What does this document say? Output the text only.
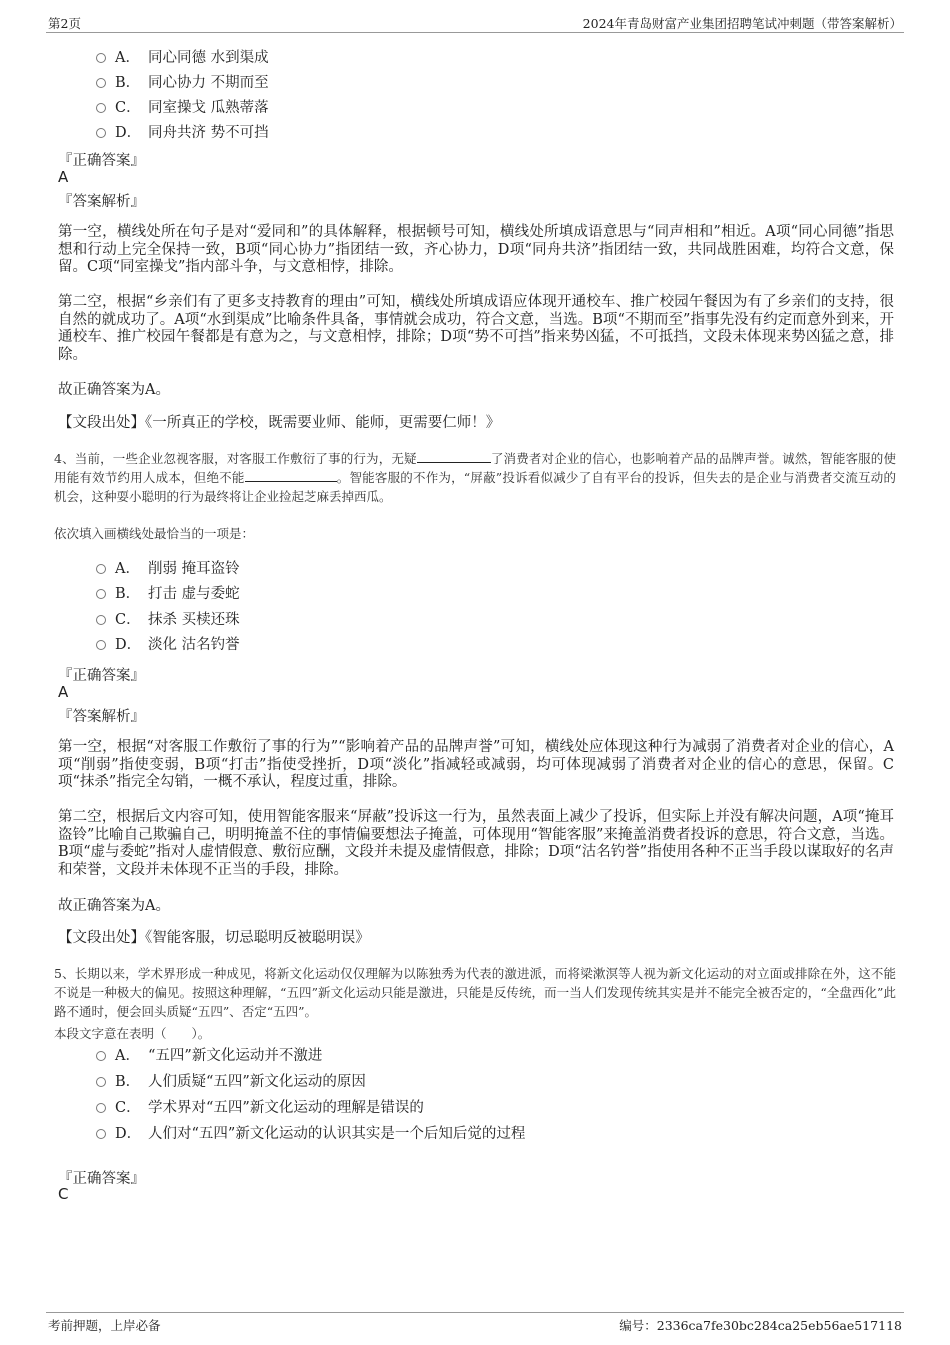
第2页	2024年青岛财富产业集团招聘笔试冲刺题（带答案解析）
A． 同心同德 水到渠成
B． 同心协力 不期而至
C． 同室操戈 瓜熟蒂落
D． 同舟共济 势不可挡
『正确答案』
A
『答案解析』
第一空，横线处所在句子是对“爱同和”的具体解释，根据顿号可知，横线处所填成语意思与“同声相和”相近。A项“同心同德”指思想和行动上完全保持一致，B项“同心协力”指团结一致，齐心协力，D项“同舟共济”指团结一致，共同战胜困难，均符合文意，保留。C项“同室操戈”指内部斗争，与文意相悖，排除。
第二空，根据“乡亲们有了更多支持教育的理由”可知，横线处所填成语应体现开通校车、推广校园午餐因为有了乡亲们的支持，很自然的就成功了。A项“水到渠成”比喻条件具备，事情就会成功，符合文意，当选。B项“不期而至”指事先没有约定而意外到来，开通校车、推广校园午餐都是有意为之，与文意相悖，排除；D项“势不可挡”指来势凶猛，不可抵挡，文段未体现来势凶猛之意，排除。
故正确答案为A。
【文段出处】《一所真正的学校，既需要业师、能师，更需要仁师！》
4、当前，一些企业忽视客服，对客服工作敷衍了事的行为，无疑	了消费者对企业的信心，也影响着产品的品牌声誉。诚然，智能客服的使用能有效节约用人成本，但绝不能	。智能客服的不作为，“屏蔽”投诉看似减少了自有平台的投诉，但失去的是企业与消费者交流互动的机会，这种耍小聪明的行为最终将让企业捡起芝麻丢掉西瓜。
依次填入画横线处最恰当的一项是：
A． 削弱 掩耳盗铃
B． 打击 虚与委蛇
C． 抹杀 买椟还珠
D． 淡化 沽名钓誉
『正确答案』
A
『答案解析』
第一空，根据“对客服工作敷衍了事的行为”“影响着产品的品牌声誉”可知，横线处应体现这种行为减弱了消费者对企业的信心，A项“削弱”指使变弱，B项“打击”指使受挫折，D项“淡化”指减轻或减弱，均可体现减弱了消费者对企业的信心的意思，保留。C项“抹杀”指完全勾销，一概不承认，程度过重，排除。
第二空，根据后文内容可知，使用智能客服来“屏蔽”投诉这一行为，虽然表面上减少了投诉，但实际上并没有解决问题，A项“掩耳盗铃”比喻自己欺骗自己，明明掩盖不住的事情偏要想法子掩盖，可体现用“智能客服”来掩盖消费者投诉的意思，符合文意，当选。B项“虚与委蛇”指对人虚情假意、敷衍应酬，文段并未提及虚情假意，排除；D项“沽名钓誉”指使用各种不正当手段以谋取好的名声和荣誉，文段并未体现不正当的手段，排除。
故正确答案为A。
【文段出处】《智能客服，切忌聪明反被聪明误》
5、长期以来，学术界形成一种成见，将新文化运动仅仅理解为以陈独秀为代表的激进派，而将梁漱溟等人视为新文化运动的对立面或排除在外，这不能不说是一种极大的偏见。按照这种理解，“五四”新文化运动只能是激进，只能是反传统，而一当人们发现传统其实是并不能完全被否定的，“全盘西化”此路不通时，便会回头质疑“五四”、否定“五四”。
本段文字意在表明（　　）。
A． “五四”新文化运动并不激进
B． 人们质疑“五四”新文化运动的原因
C． 学术界对“五四”新文化运动的理解是错误的
D． 人们对“五四”新文化运动的认识其实是一个后知后觉的过程
『正确答案』
C
考前押题，上岸必备	编号：2336ca7fe30bc284ca25eb56ae517118
